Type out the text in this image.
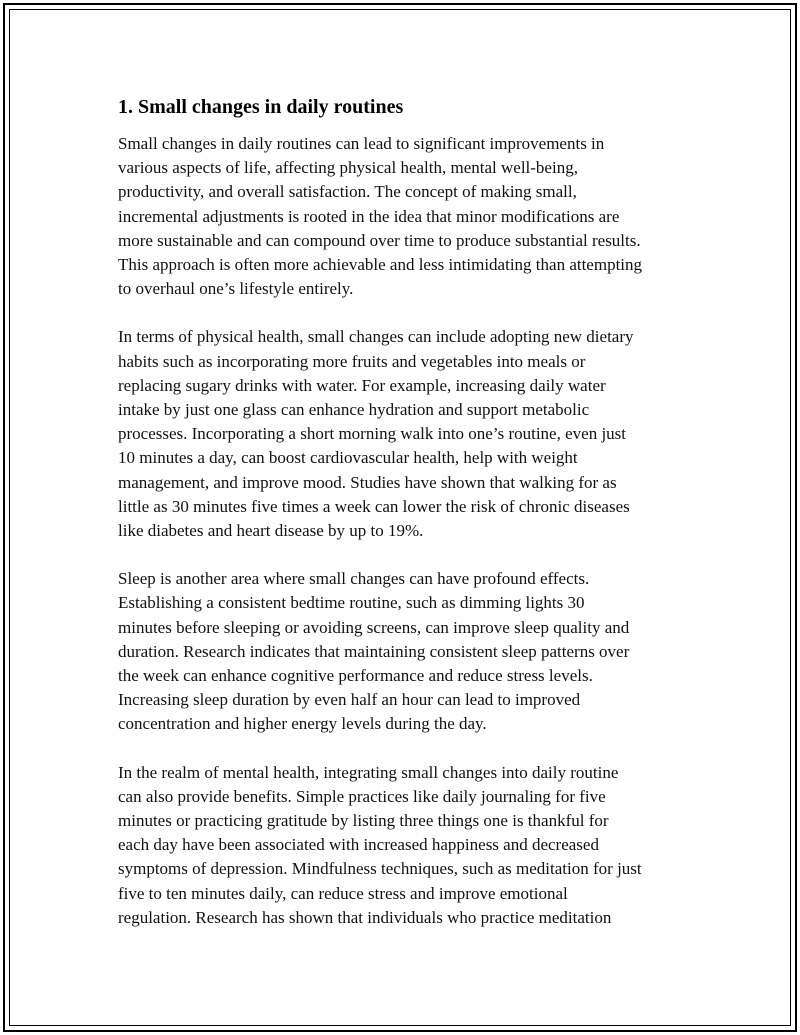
1. Small changes in daily routines

Small changes in daily routines can lead to significant improvements in
various aspects of life, affecting physical health, mental well-being,
productivity, and overall satisfaction. The concept of making small,
incremental adjustments is rooted in the idea that minor modifications are
more sustainable and can compound over time to produce substantial results.
This approach is often more achievable and less intimidating than attempting
to overhaul one’s lifestyle entirely.

In terms of physical health, small changes can include adopting new dietary
habits such as incorporating more fruits and vegetables into meals or
replacing sugary drinks with water. For example, increasing daily water
intake by just one glass can enhance hydration and support metabolic
processes. Incorporating a short morning walk into one’s routine, even just
10 minutes a day, can boost cardiovascular health, help with weight
management, and improve mood. Studies have shown that walking for as
little as 30 minutes five times a week can lower the risk of chronic diseases
like diabetes and heart disease by up to 19%.

Sleep is another area where small changes can have profound effects.
Establishing a consistent bedtime routine, such as dimming lights 30
minutes before sleeping or avoiding screens, can improve sleep quality and
duration. Research indicates that maintaining consistent sleep patterns over
the week can enhance cognitive performance and reduce stress levels.
Increasing sleep duration by even half an hour can lead to improved
concentration and higher energy levels during the day.

In the realm of mental health, integrating small changes into daily routine
can also provide benefits. Simple practices like daily journaling for five
minutes or practicing gratitude by listing three things one is thankful for
each day have been associated with increased happiness and decreased
symptoms of depression. Mindfulness techniques, such as meditation for just
five to ten minutes daily, can reduce stress and improve emotional
regulation. Research has shown that individuals who practice meditation
